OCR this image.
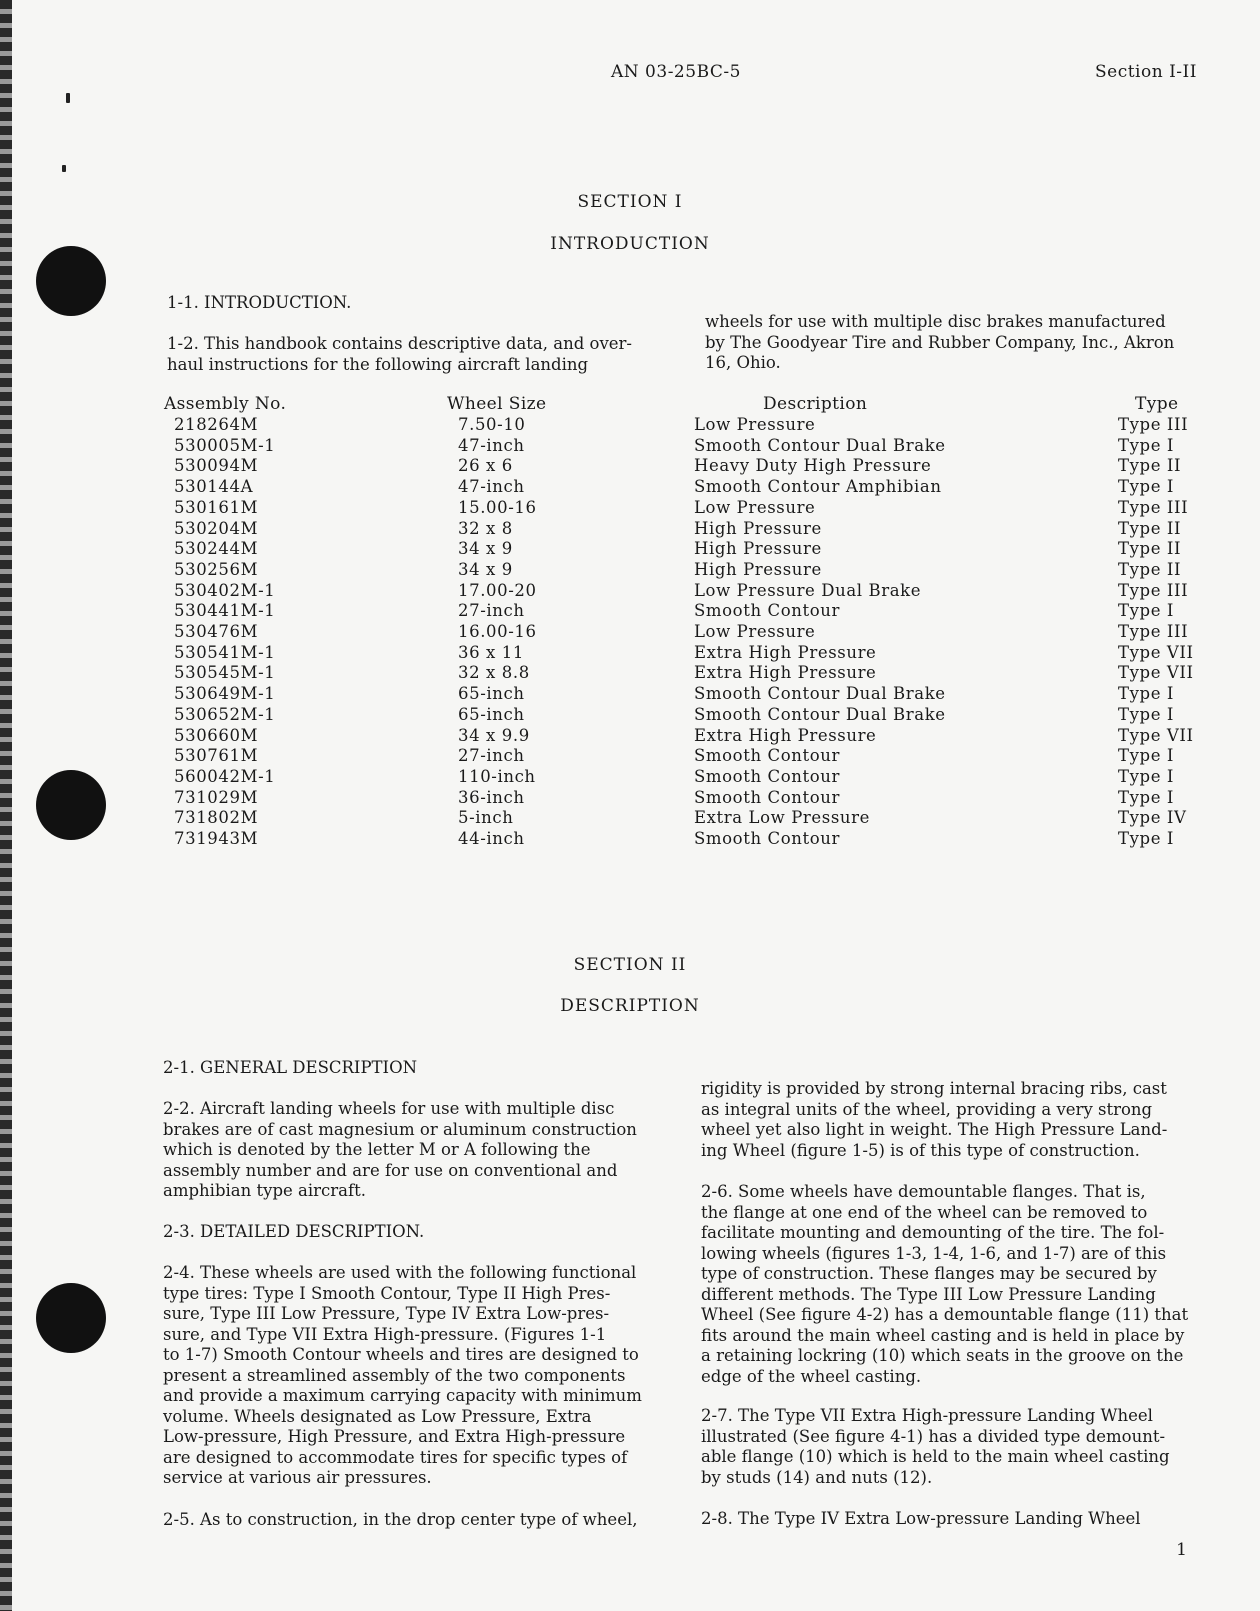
AN 03-25BC-5	Section I-II
SECTION I
INTRODUCTION
1-1. INTRODUCTION.
1-2. This handbook contains descriptive data, and over-
haul instructions for the following aircraft landing
wheels for use with multiple disc brakes manufactured
by The Goodyear Tire and Rubber Company, Inc., Akron
16, Ohio.
Assembly No.	Wheel Size	Description	Type
218264M	7.50-10	Low Pressure	Type III
530005M-1	47-inch	Smooth Contour Dual Brake	Type I
530094M	26 x 6	Heavy Duty High Pressure	Type II
530144A	47-inch	Smooth Contour Amphibian	Type I
530161M	15.00-16	Low Pressure	Type III
530204M	32 x 8	High Pressure	Type II
530244M	34 x 9	High Pressure	Type II
530256M	34 x 9	High Pressure	Type II
530402M-1	17.00-20	Low Pressure Dual Brake	Type III
530441M-1	27-inch	Smooth Contour	Type I
530476M	16.00-16	Low Pressure	Type III
530541M-1	36 x 11	Extra High Pressure	Type VII
530545M-1	32 x 8.8	Extra High Pressure	Type VII
530649M-1	65-inch	Smooth Contour Dual Brake	Type I
530652M-1	65-inch	Smooth Contour Dual Brake	Type I
530660M	34 x 9.9	Extra High Pressure	Type VII
530761M	27-inch	Smooth Contour	Type I
560042M-1	110-inch	Smooth Contour	Type I
731029M	36-inch	Smooth Contour	Type I
731802M	5-inch	Extra Low Pressure	Type IV
731943M	44-inch	Smooth Contour	Type I
SECTION II
DESCRIPTION
2-1. GENERAL DESCRIPTION
2-2. Aircraft landing wheels for use with multiple disc
brakes are of cast magnesium or aluminum construction
which is denoted by the letter M or A following the
assembly number and are for use on conventional and
amphibian type aircraft.
2-3. DETAILED DESCRIPTION.
2-4. These wheels are used with the following functional
type tires: Type I Smooth Contour, Type II High Pres-
sure, Type III Low Pressure, Type IV Extra Low-pres-
sure, and Type VII Extra High-pressure. (Figures 1-1
to 1-7) Smooth Contour wheels and tires are designed to
present a streamlined assembly of the two components
and provide a maximum carrying capacity with minimum
volume. Wheels designated as Low Pressure, Extra
Low-pressure, High Pressure, and Extra High-pressure
are designed to accommodate tires for specific types of
service at various air pressures.
2-5. As to construction, in the drop center type of wheel,
rigidity is provided by strong internal bracing ribs, cast
as integral units of the wheel, providing a very strong
wheel yet also light in weight. The High Pressure Land-
ing Wheel (figure 1-5) is of this type of construction.
2-6. Some wheels have demountable flanges. That is,
the flange at one end of the wheel can be removed to
facilitate mounting and demounting of the tire. The fol-
lowing wheels (figures 1-3, 1-4, 1-6, and 1-7) are of this
type of construction. These flanges may be secured by
different methods. The Type III Low Pressure Landing
Wheel (See figure 4-2) has a demountable flange (11) that
fits around the main wheel casting and is held in place by
a retaining lockring (10) which seats in the groove on the
edge of the wheel casting.
2-7. The Type VII Extra High-pressure Landing Wheel
illustrated (See figure 4-1) has a divided type demount-
able flange (10) which is held to the main wheel casting
by studs (14) and nuts (12).
2-8. The Type IV Extra Low-pressure Landing Wheel
1
